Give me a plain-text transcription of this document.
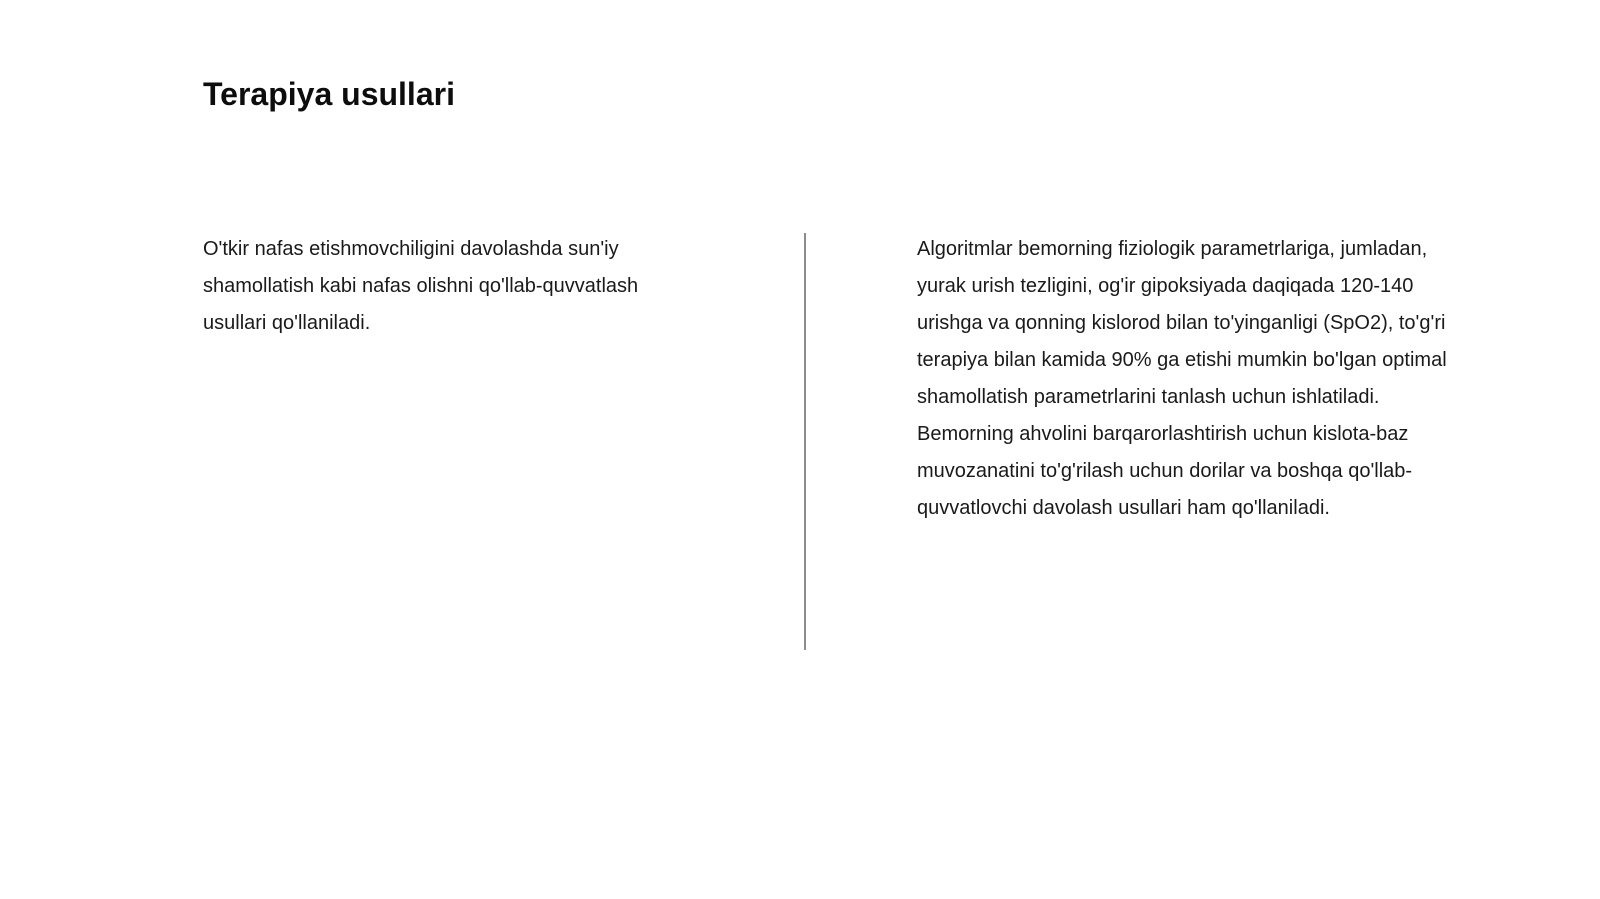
Terapiya usullari

O'tkir nafas etishmovchiligini davolashda sun'iy shamollatish kabi nafas olishni qo'llab-quvvatlash usullari qo'llaniladi.

Algoritmlar bemorning fiziologik parametrlariga, jumladan, yurak urish tezligini, og'ir gipoksiyada daqiqada 120-140 urishga va qonning kislorod bilan to'yinganligi (SpO2), to'g'ri terapiya bilan kamida 90% ga etishi mumkin bo'lgan optimal shamollatish parametrlarini tanlash uchun ishlatiladi. Bemorning ahvolini barqarorlashtirish uchun kislota-baz muvozanatini to'g'rilash uchun dorilar va boshqa qo'llab-quvvatlovchi davolash usullari ham qo'llaniladi.
